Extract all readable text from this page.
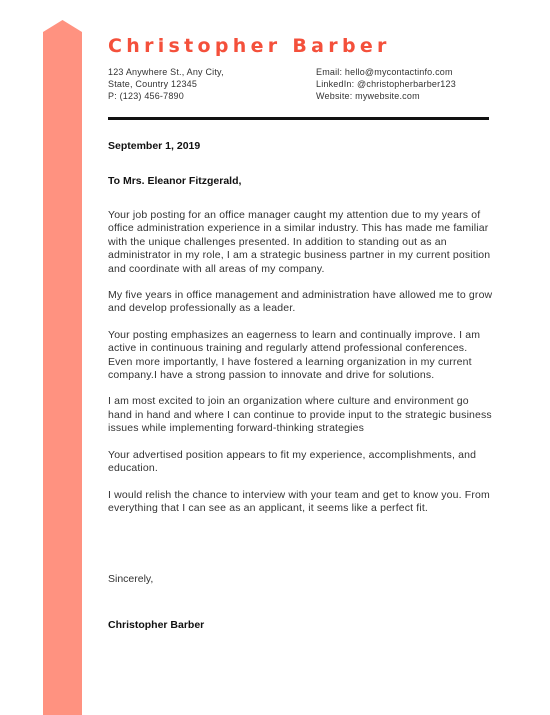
Christopher Barber
123 Anywhere St., Any City,
State, Country 12345
P: (123) 456-7890
Email: hello@mycontactinfo.com
LinkedIn: @christopherbarber123
Website: mywebsite.com
September 1, 2019
To Mrs. Eleanor Fitzgerald,

Your job posting for an office manager caught my attention due to my years of office administration experience in a similar industry. This has made me familiar with the unique challenges presented. In addition to standing out as an administrator in my role, I am a strategic business partner in my current position and coordinate with all areas of my company.

My five years in office management and administration have allowed me to grow and develop professionally as a leader.

Your posting emphasizes an eagerness to learn and continually improve. I am active in continuous training and regularly attend professional conferences. Even more importantly, I have fostered a learning organization in my current company.I have a strong passion to innovate and drive for solutions.

I am most excited to join an organization where culture and environment go hand in hand and where I can continue to provide input to the strategic business issues while implementing forward-thinking strategies

Your advertised position appears to fit my experience, accomplishments, and education.

I would relish the chance to interview with your team and get to know you. From everything that I can see as an applicant, it seems like a perfect fit.

Sincerely,
Christopher Barber
